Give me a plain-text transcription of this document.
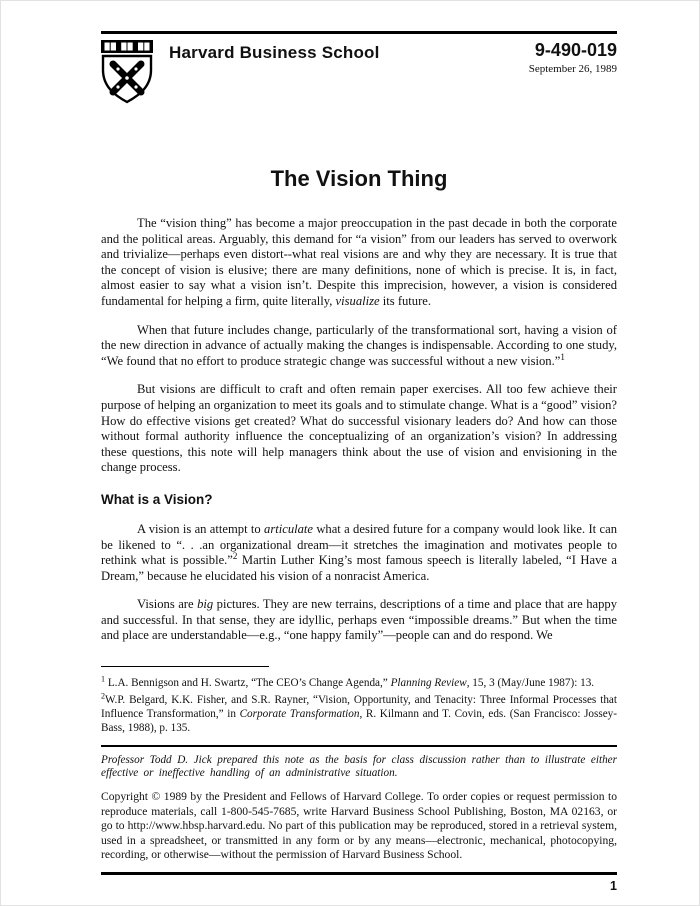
Harvard Business School	9-490-019
September 26, 1989
The Vision Thing

The “vision thing” has become a major preoccupation in the past decade in both the corporate and the political areas. Arguably, this demand for “a vision” from our leaders has served to overwork and trivialize—perhaps even distort--what real visions are and why they are necessary. It is true that the concept of vision is elusive; there are many definitions, none of which is precise. It is, in fact, almost easier to say what a vision isn’t. Despite this imprecision, however, a vision is considered fundamental for helping a firm, quite literally, visualize its future.

When that future includes change, particularly of the transformational sort, having a vision of the new direction in advance of actually making the changes is indispensable. According to one study, “We found that no effort to produce strategic change was successful without a new vision.”$^1$

But visions are difficult to craft and often remain paper exercises. All too few achieve their purpose of helping an organization to meet its goals and to stimulate change. What is a “good” vision? How do effective visions get created? What do successful visionary leaders do? And how can those without formal authority influence the conceptualizing of an organization’s vision? In addressing these questions, this note will help managers think about the use of vision and envisioning in the change process.

What is a Vision?

A vision is an attempt to articulate what a desired future for a company would look like. It can be likened to “. . .an organizational dream—it stretches the imagination and motivates people to rethink what is possible.”$^2$ Martin Luther King’s most famous speech is literally labeled, “I Have a Dream,” because he elucidated his vision of a nonracist America.

Visions are big pictures. They are new terrains, descriptions of a time and place that are happy and successful. In that sense, they are idyllic, perhaps even “impossible dreams.” But when the time and place are understandable—e.g., “one happy family”—people can and do respond. We

$^1$ L.A. Bennigson and H. Swartz, “The CEO’s Change Agenda,” Planning Review, 15, 3 (May/June 1987): 13.

$^2$W.P. Belgard, K.K. Fisher, and S.R. Rayner, “Vision, Opportunity, and Tenacity: Three Informal Processes that Influence Transformation,” in Corporate Transformation, R. Kilmann and T. Covin, eds. (San Francisco: Jossey-Bass, 1988), p. 135.

Professor Todd D. Jick prepared this note as the basis for class discussion rather than to illustrate either effective or ineffective handling of an administrative situation.

Copyright © 1989 by the President and Fellows of Harvard College. To order copies or request permission to reproduce materials, call 1-800-545-7685, write Harvard Business School Publishing, Boston, MA 02163, or go to http://www.hbsp.harvard.edu. No part of this publication may be reproduced, stored in a retrieval system, used in a spreadsheet, or transmitted in any form or by any means—electronic, mechanical, photocopying, recording, or otherwise—without the permission of Harvard Business School.

1
